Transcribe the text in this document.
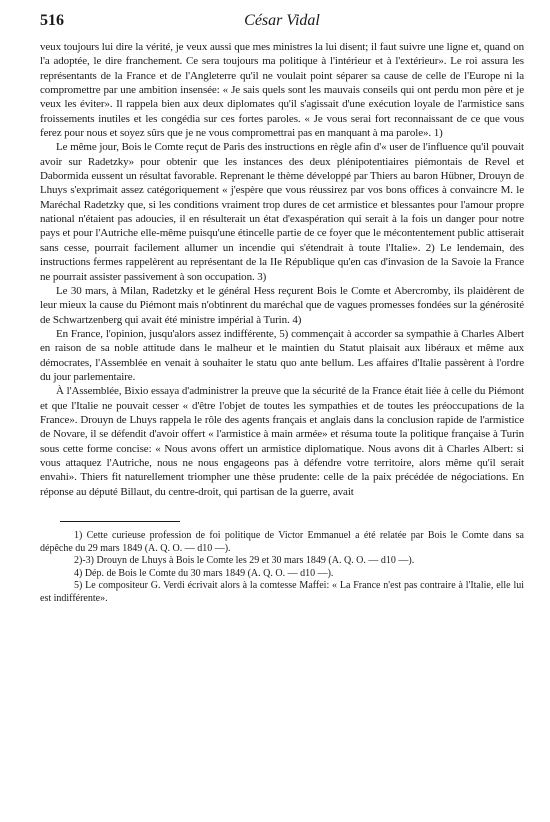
516	César Vidal

veux toujours lui dire la vérité, je veux aussi que mes ministres la lui disent; il faut suivre une ligne et, quand on l'a adoptée, le dire franchement. Ce sera toujours ma politique à l'intérieur et à l'extérieur». Le roi assura les représentants de la France et de l'Angleterre qu'il ne voulait point séparer sa cause de celle de l'Europe ni la compromettre par une ambition insensée: « Je sais quels sont les mauvais conseils qui ont perdu mon père et je veux les éviter». Il rappela bien aux deux diplomates qu'il s'agissait d'une exécution loyale de l'armistice sans froissements inutiles et les congédia sur ces fortes paroles. « Je vous serai fort reconnaissant de ce que vous ferez pour nous et soyez sûrs que je ne vous compromettrai pas en manquant à ma parole». 1)

Le même jour, Bois le Comte reçut de Paris des instructions en règle afin d'« user de l'influence qu'il pouvait avoir sur Radetzky» pour obtenir que les instances des deux plénipotentiaires piémontais de Revel et Dabormida eussent un résultat favorable. Reprenant le thème développé par Thiers au baron Hübner, Drouyn de Lhuys s'exprimait assez catégoriquement « j'espère que vous réussirez par vos bons offices à convaincre M. le Maréchal Radetzky que, si les conditions vraiment trop dures de cet armistice et blessantes pour l'amour propre national n'étaient pas adoucies, il en résulterait un état d'exaspération qui serait à la fois un danger pour notre pays et pour l'Autriche elle-même puisqu'une étincelle partie de ce foyer que le mécontentement public attiserait sans cesse, pourrait facilement allumer un incendie qui s'étendrait à toute l'Italie». 2) Le lendemain, des instructions fermes rappelèrent au représentant de la IIe République qu'en cas d'invasion de la Savoie la France ne pourrait assister passivement à son occupation. 3)

Le 30 mars, à Milan, Radetzky et le général Hess reçurent Bois le Comte et Abercromby, ils plaidèrent de leur mieux la cause du Piémont mais n'obtinrent du maréchal que de vagues promesses fondées sur la générosité de Schwartzenberg qui avait été ministre impérial à Turin. 4)

En France, l'opinion, jusqu'alors assez indifférente, 5) commençait à accorder sa sympathie à Charles Albert en raison de sa noble attitude dans le malheur et le maintien du Statut plaisait aux libéraux et même aux démocrates, l'Assemblée en venait à souhaiter le statu quo ante bellum. Les affaires d'Italie passèrent à l'ordre du jour parlementaire.

À l'Assemblée, Bixio essaya d'administrer la preuve que la sécurité de la France était liée à celle du Piémont et que l'Italie ne pouvait cesser « d'être l'objet de toutes les sympathies et de toutes les préoccupations de la France». Drouyn de Lhuys rappela le rôle des agents français et anglais dans la conclusion rapide de l'armistice de Novare, il se défendit d'avoir offert « l'armistice à main armée» et résuma toute la politique française à Turin sous cette forme concise: « Nous avons offert un armistice diplomatique. Nous avons dit à Charles Albert: si vous attaquez l'Autriche, nous ne nous engageons pas à défendre votre territoire, alors même qu'il serait envahi». Thiers fit naturellement triompher une thèse prudente: celle de la paix précédée de négociations. En réponse au député Billaut, du centre-droit, qui partisan de la guerre, avait

1) Cette curieuse profession de foi politique de Victor Emmanuel a été relatée par Bois le Comte dans sa dépêche du 29 mars 1849 (A. Q. O. — d10 —).

2)-3) Drouyn de Lhuys à Bois le Comte les 29 et 30 mars 1849 (A. Q. O. — d10 —).

4) Dép. de Bois le Comte du 30 mars 1849 (A. Q. O. — d10 —).

5) Le compositeur G. Verdi écrivait alors à la comtesse Maffei: « La France n'est pas contraire à l'Italie, elle lui est indifférente».
